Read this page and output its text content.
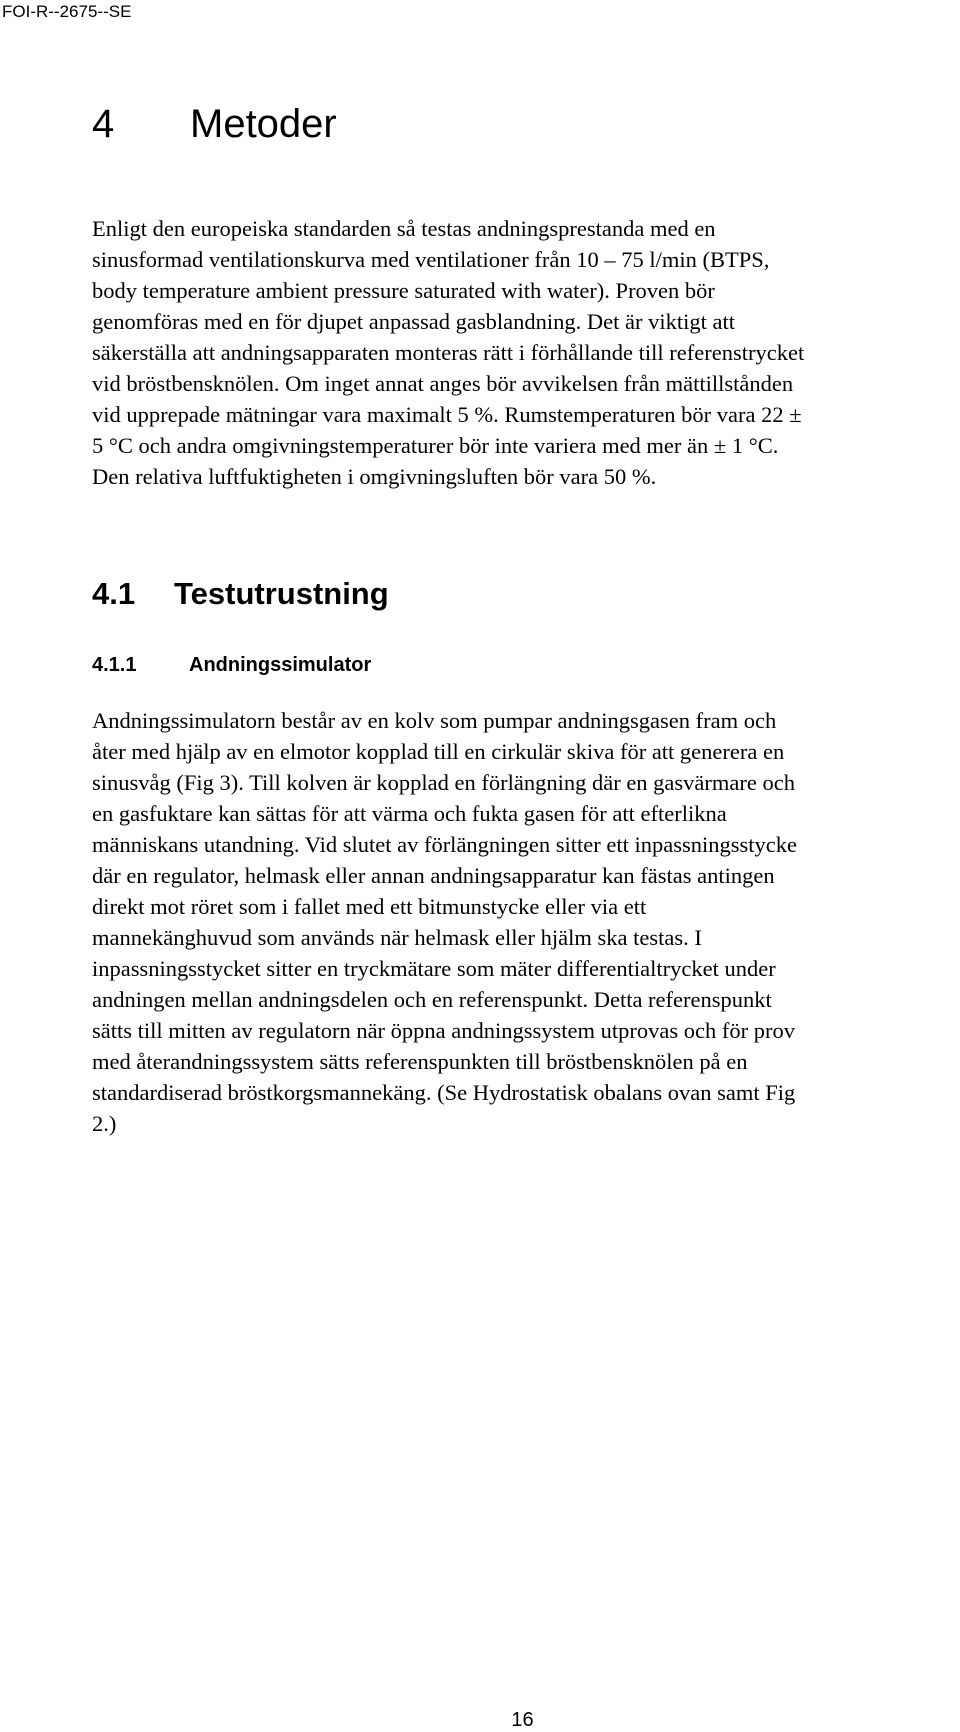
FOI-R--2675--SE
4 Metoder
Enligt den europeiska standarden så testas andningsprestanda med en
sinusformad ventilationskurva med ventilationer från 10 – 75 l/min (BTPS,
body temperature ambient pressure saturated with water). Proven bör
genomföras med en för djupet anpassad gasblandning. Det är viktigt att
säkerställa att andningsapparaten monteras rätt i förhållande till referenstrycket
vid bröstbensknölen. Om inget annat anges bör avvikelsen från mättillstånden
vid upprepade mätningar vara maximalt 5 %. Rumstemperaturen bör vara 22 ±
5 °C och andra omgivningstemperaturer bör inte variera med mer än ± 1 °C.
Den relativa luftfuktigheten i omgivningsluften bör vara 50 %.
4.1 Testutrustning
4.1.1	Andningssimulator
Andningssimulatorn består av en kolv som pumpar andningsgasen fram och
åter med hjälp av en elmotor kopplad till en cirkulär skiva för att generera en
sinusvåg (Fig 3). Till kolven är kopplad en förlängning där en gasvärmare och
en gasfuktare kan sättas för att värma och fukta gasen för att efterlikna
människans utandning. Vid slutet av förlängningen sitter ett inpassningsstycke
där en regulator, helmask eller annan andningsapparatur kan fästas antingen
direkt mot röret som i fallet med ett bitmunstycke eller via ett
mannekänghuvud som används när helmask eller hjälm ska testas. I
inpassningsstycket sitter en tryckmätare som mäter differentialtrycket under
andningen mellan andningsdelen och en referenspunkt. Detta referenspunkt
sätts till mitten av regulatorn när öppna andningssystem utprovas och för prov
med återandningssystem sätts referenspunkten till bröstbensknölen på en
standardiserad bröstkorgsmannekäng. (Se Hydrostatisk obalans ovan samt Fig
2.)
16
